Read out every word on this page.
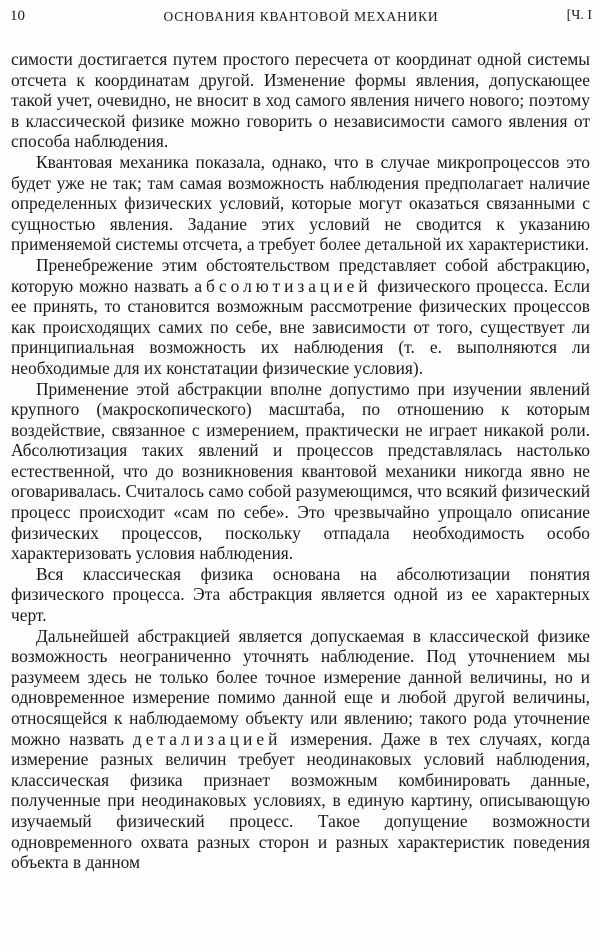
10	ОСНОВАНИЯ КВАНТОВОЙ МЕХАНИКИ	[Ч. I

симости достигается путем простого пересчета от координат одной системы отсчета к координатам другой. Изменение формы явления, допускающее такой учет, очевидно, не вносит в ход самого явления ничего нового; поэтому в классической физике можно говорить о независимости самого явления от способа наблюдения.

Квантовая механика показала, однако, что в случае микропроцессов это будет уже не так; там самая возможность наблюдения предполагает наличие определенных физических условий, которые могут оказаться связанными с сущностью явления. Задание этих условий не сводится к указанию применяемой системы отсчета, а требует более детальной их характеристики.

Пренебрежение этим обстоятельством представляет собой абстракцию, которую можно назвать абсолютизацией физического процесса. Если ее принять, то становится возможным рассмотрение физических процессов как происходящих самих по себе, вне зависимости от того, существует ли принципиальная возможность их наблюдения (т. е. выполняются ли необходимые для их констатации физические условия).

Применение этой абстракции вполне допустимо при изучении явлений крупного (макроскопического) масштаба, по отношению к которым воздействие, связанное с измерением, практически не играет никакой роли. Абсолютизация таких явлений и процессов представлялась настолько естественной, что до возникновения квантовой механики никогда явно не оговаривалась. Считалось само собой разумеющимся, что всякий физический процесс происходит «сам по себе». Это чрезвычайно упрощало описание физических процессов, поскольку отпадала необходимость особо характеризовать условия наблюдения.

Вся классическая физика основана на абсолютизации понятия физического процесса. Эта абстракция является одной из ее характерных черт.

Дальнейшей абстракцией является допускаемая в классической физике возможность неограниченно уточнять наблюдение. Под уточнением мы разумеем здесь не только более точное измерение данной величины, но и одновременное измерение помимо данной еще и любой другой величины, относящейся к наблюдаемому объекту или явлению; такого рода уточнение можно назвать детализацией измерения. Даже в тех случаях, когда измерение разных величин требует неодинаковых условий наблюдения, классическая физика признает возможным комбинировать данные, полученные при неодинаковых условиях, в единую картину, описывающую изучаемый физический процесс. Такое допущение возможности одновременного охвата разных сторон и разных характеристик поведения объекта в данном
